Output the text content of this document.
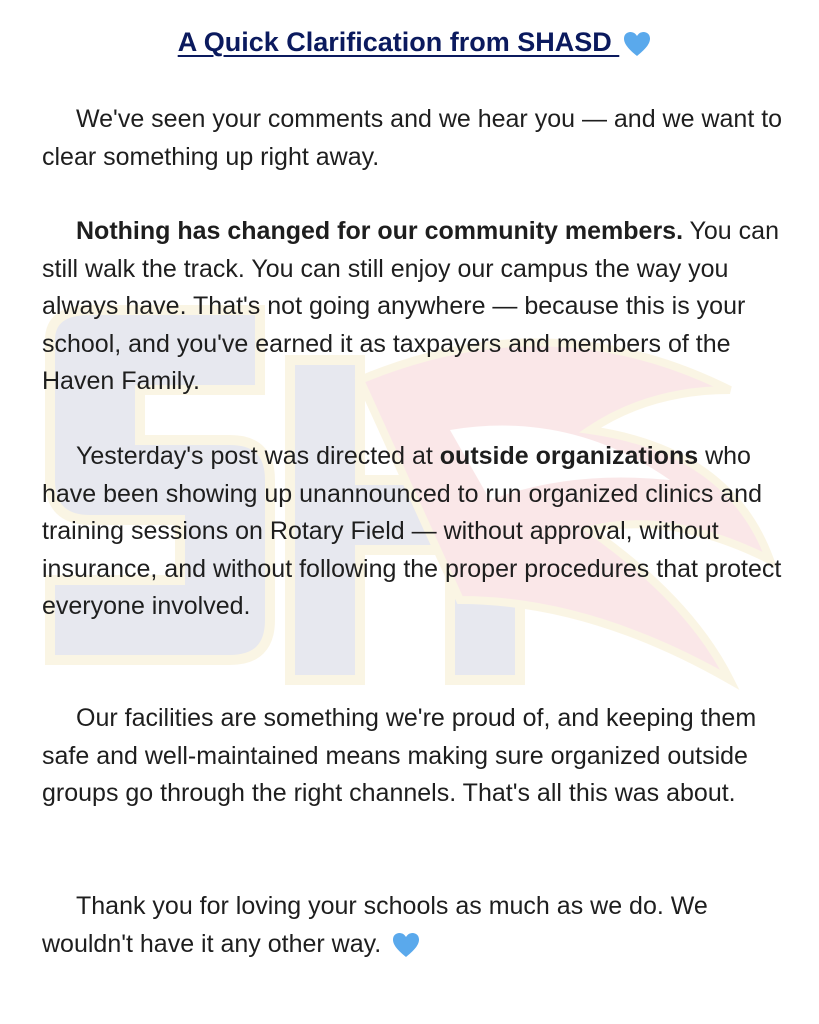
A Quick Clarification from SHASD

We've seen your comments and we hear you — and we want to clear something up right away.

Nothing has changed for our community members. You can still walk the track. You can still enjoy our campus the way you always have. That's not going anywhere — because this is your school, and you've earned it as taxpayers and members of the Haven Family.

Yesterday's post was directed at outside organizations who have been showing up unannounced to run organized clinics and training sessions on Rotary Field — without approval, without insurance, and without following the proper procedures that protect everyone involved.

Our facilities are something we're proud of, and keeping them safe and well-maintained means making sure organized outside groups go through the right channels. That's all this was about.

Thank you for loving your schools as much as we do. We wouldn't have it any other way.
